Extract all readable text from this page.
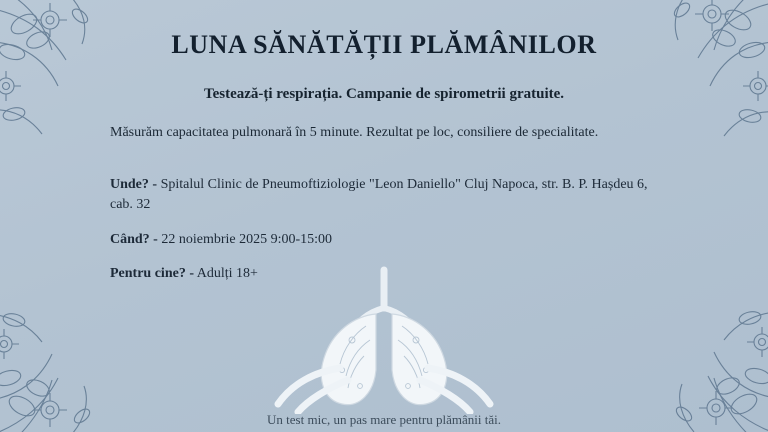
LUNA SĂNĂTĂȚII PLĂMÂNILOR
Testează-ți respirația. Campanie de spirometrii gratuite.
Măsurăm capacitatea pulmonară în 5 minute. Rezultat pe loc, consiliere de specialitate.
Unde? - Spitalul Clinic de Pneumoftiziologie "Leon Daniello" Cluj Napoca, str. B. P. Hașdeu 6, cab. 32
Când? - 22 noiembrie 2025 9:00-15:00
Pentru cine? - Adulți 18+
Un test mic, un pas mare pentru plămânii tăi.
